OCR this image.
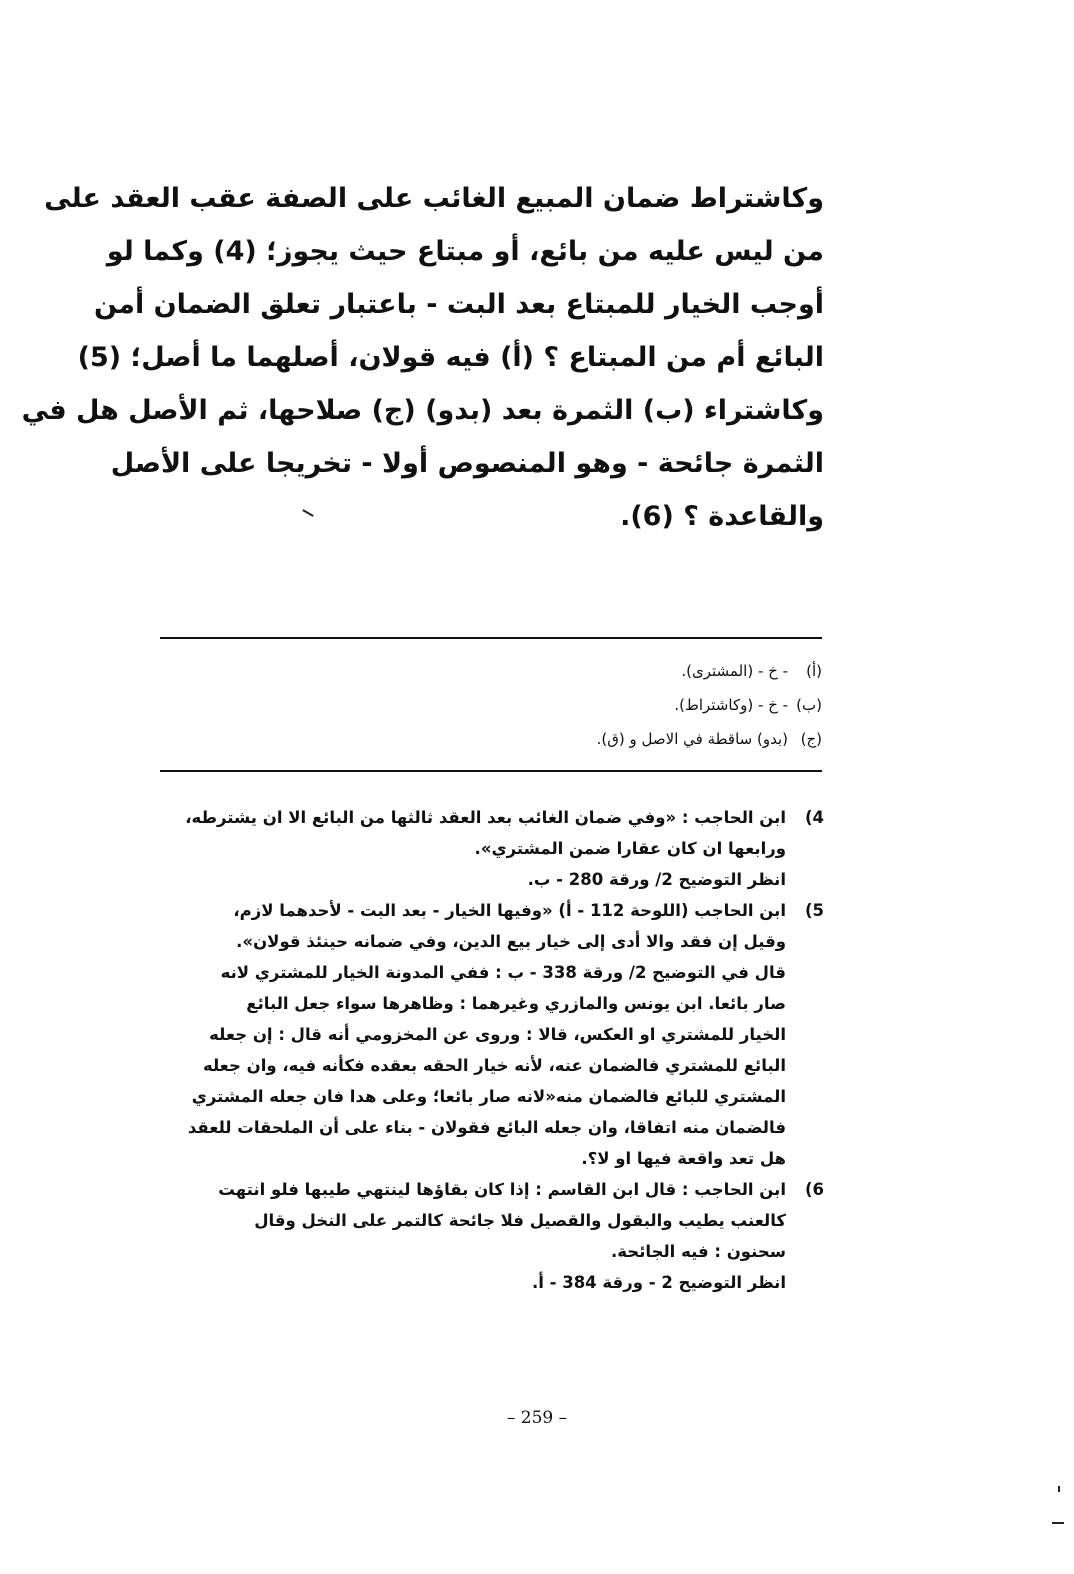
وكاشتراط ضمان المبيع الغائب على الصفة عقب العقد على
من ليس عليه من بائع، أو مبتاع حيث يجوز؛ (4) وكما لو
أوجب الخيار للمبتاع بعد البت - باعتبار تعلق الضمان أمن
البائع أم من المبتاع ؟ (أ) فيه قولان، أصلهما ما أصل؛ (5)
وكاشتراء (ب) الثمرة بعد (بدو) (ج) صلاحها، ثم الأصل هل في
الثمرة جائحة - وهو المنصوص أولا - تخريجا على الأصل
والقاعدة ؟ (6).
(أ)
- خ - (المشترى).
(ب)
- خ - (وكاشتراط).
(ج)
(بدو) ساقطة في الاصل و (ق).
4)
ابن الحاجب : «وفي ضمان الغائب بعد العقد ثالثها من البائع الا ان يشترطه،
ورابعها ان كان عقارا ضمن المشتري».
انظر التوضيح 2/ ورقة 280 - ب.
5)
ابن الحاجب (اللوحة 112 - أ) «وفيها الخيار - بعد البت - لأحدهما لازم،
وقيل إن فقد والا أدى إلى خيار بيع الدين، وفي ضمانه حينئذ قولان».
قال في التوضيح 2/ ورقة 338 - ب : ففي المدونة الخيار للمشتري لانه
صار بائعا. ابن يونس والمازري وغيرهما : وظاهرها سواء جعل البائع
الخيار للمشتري او العكس، قالا : وروى عن المخزومي أنه قال : إن جعله
البائع للمشتري فالضمان عنه، لأنه خيار الحقه بعقده فكأنه فيه، وان جعله
المشتري للبائع فالضمان منه«لانه صار بائعا؛ وعلى هدا فان جعله المشتري
فالضمان منه اتفاقا، وان جعله البائع فقولان - بناء على أن الملحقات للعقد
هل تعد واقعة فيها او لا؟.
6)
ابن الحاجب : قال ابن القاسم : إذا كان بقاؤها لينتهي طيبها فلو انتهت
كالعنب يطيب والبقول والقصيل فلا جائحة كالتمر على النخل وقال
سحنون : فيه الجائحة.
انظر التوضيح 2 - ورقة 384 - أ.
– 259 –
